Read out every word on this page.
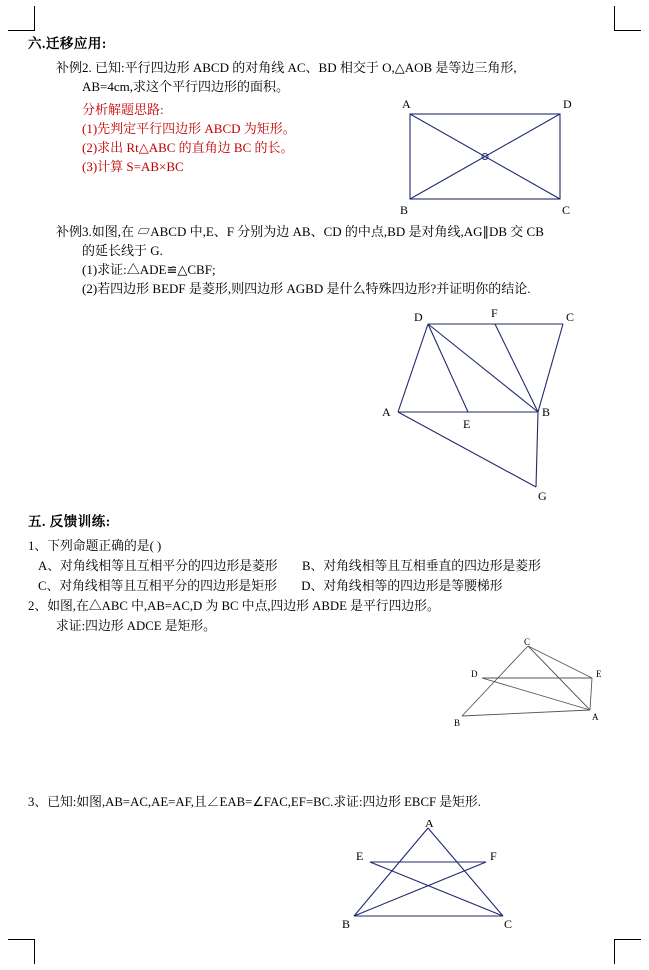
六.迁移应用:
补例2. 已知:平行四边形 ABCD 的对角线 AC、BD 相交于 O,△AOB 是等边三角形,
AB=4cm,求这个平行四边形的面积。
分析解题思路:
(1)先判定平行四边形 ABCD 为矩形。
(2)求出 Rt△ABC 的直角边 BC 的长。
(3)计算 S=AB×BC
A	D
B	C
补例3.如图,在 ▱ABCD 中,E、F 分别为边 AB、CD 的中点,BD 是对角线,AG∥DB 交 CB
的延长线于 G.
(1)求证:△ADE≌△CBF;
(2)若四边形 BEDF 是菱形,则四边形 AGBD 是什么特殊四边形?并证明你的结论.
D	F	C
A
E
B
G
五. 反馈训练:
1、下列命题正确的是( )
A、对角线相等且互相平分的四边形是菱形 B、对角线相等且互相垂直的四边形是菱形
C、对角线相等且互相平分的四边形是矩形 D、对角线相等的四边形是等腰梯形
2、如图,在△ABC 中,AB=AC,D 为 BC 中点,四边形 ABDE 是平行四边形。
求证:四边形 ADCE 是矩形。
C
D	E
B
A
3、已知:如图,AB=AC,AE=AF,且∠EAB=∠FAC,EF=BC.求证:四边形 EBCF 是矩形.
A
E	F
B	C
